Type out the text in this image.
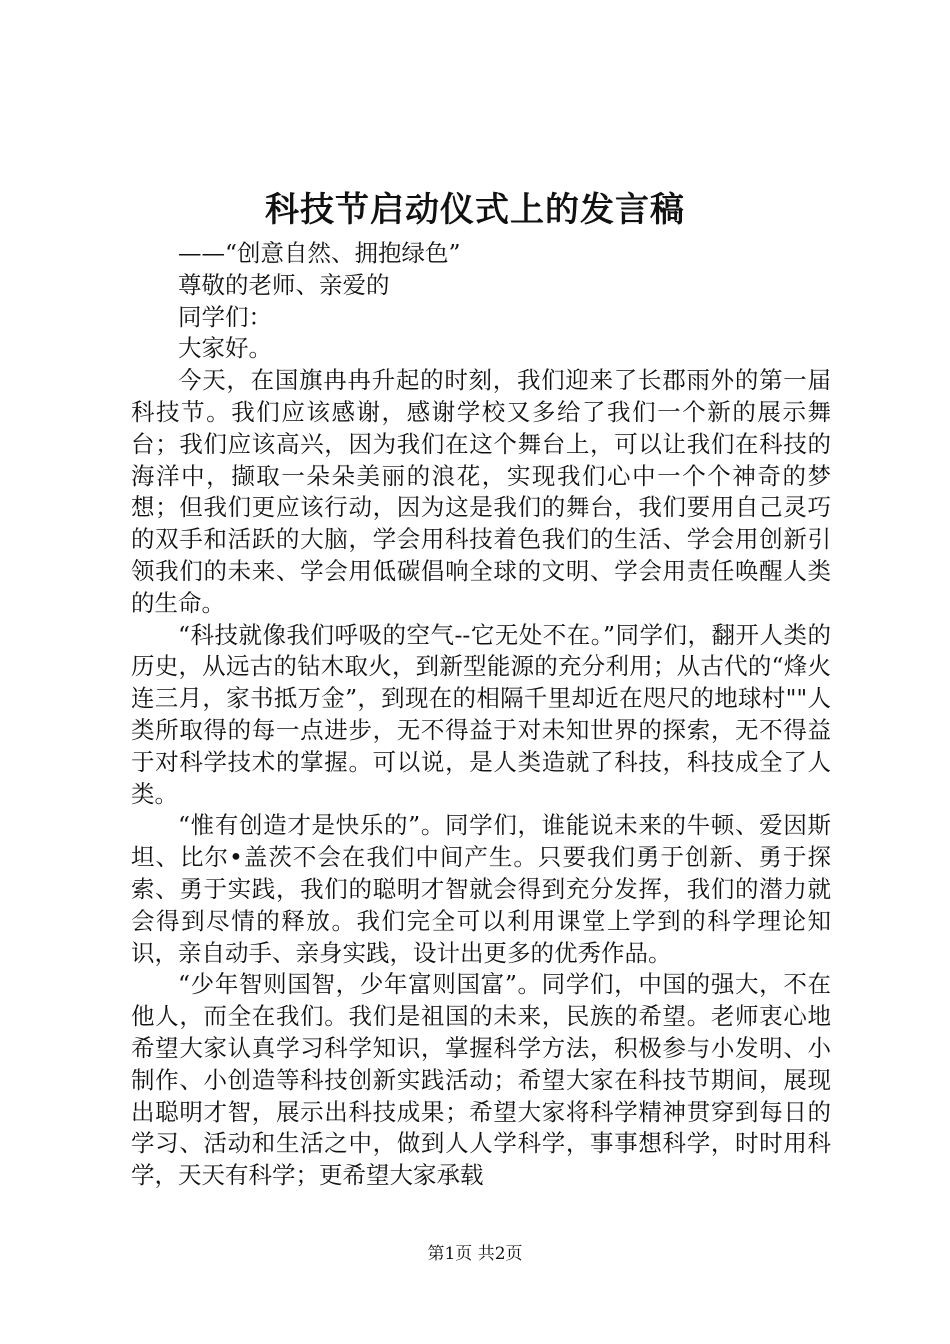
科技节启动仪式上的发言稿

——“创意自然、拥抱绿色”

尊敬的老师、亲爱的

同学们：

大家好。

今天，在国旗冉冉升起的时刻，我们迎来了长郡雨外的第一届科技节。我们应该感谢，感谢学校又多给了我们一个新的展示舞台；我们应该高兴，因为我们在这个舞台上，可以让我们在科技的海洋中，撷取一朵朵美丽的浪花，实现我们心中一个个神奇的梦想；但我们更应该行动，因为这是我们的舞台，我们要用自己灵巧的双手和活跃的大脑，学会用科技着色我们的生活、学会用创新引领我们的未来、学会用低碳倡响全球的文明、学会用责任唤醒人类的生命。

“科技就像我们呼吸的空气--它无处不在。”同学们，翻开人类的历史，从远古的钻木取火，到新型能源的充分利用；从古代的“烽火连三月，家书抵万金”，到现在的相隔千里却近在咫尺的地球村""人类所取得的每一点进步，无不得益于对未知世界的探索，无不得益于对科学技术的掌握。可以说，是人类造就了科技，科技成全了人类。

“惟有创造才是快乐的”。同学们，谁能说未来的牛顿、爱因斯坦、比尔•盖茨不会在我们中间产生。只要我们勇于创新、勇于探索、勇于实践，我们的聪明才智就会得到充分发挥，我们的潜力就会得到尽情的释放。我们完全可以利用课堂上学到的科学理论知识，亲自动手、亲身实践，设计出更多的优秀作品。

“少年智则国智，少年富则国富”。同学们，中国的强大，不在他人，而全在我们。我们是祖国的未来，民族的希望。老师衷心地希望大家认真学习科学知识，掌握科学方法，积极参与小发明、小制作、小创造等科技创新实践活动；希望大家在科技节期间，展现出聪明才智，展示出科技成果；希望大家将科学精神贯穿到每日的学习、活动和生活之中，做到人人学科学，事事想科学，时时用科学，天天有科学；更希望大家承载

第1页 共2页
